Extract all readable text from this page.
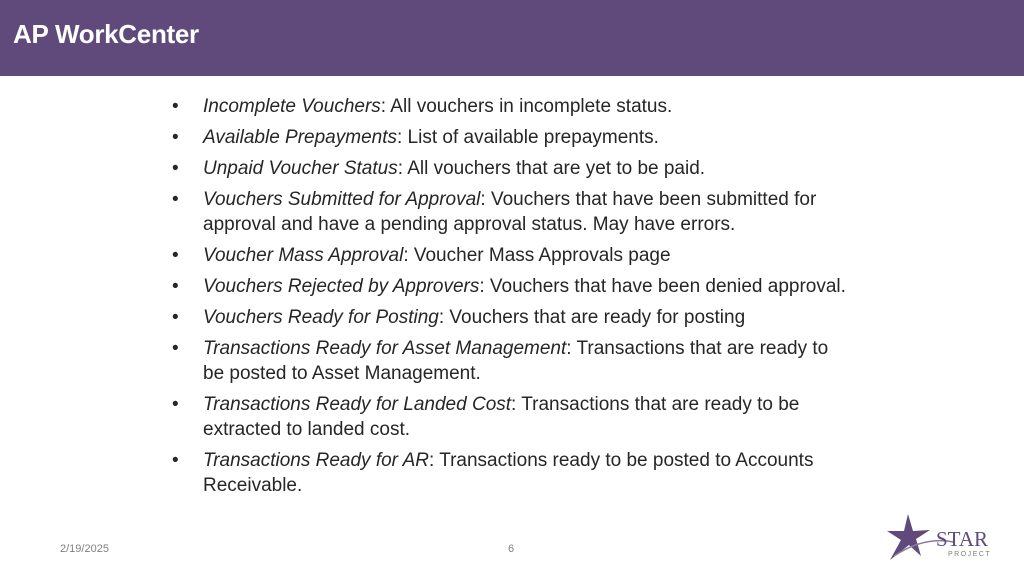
AP WorkCenter
• Incomplete Vouchers: All vouchers in incomplete status.
• Available Prepayments: List of available prepayments.
• Unpaid Voucher Status: All vouchers that are yet to be paid.
• Vouchers Submitted for Approval: Vouchers that have been submitted for approval and have a pending approval status. May have errors.
• Voucher Mass Approval: Voucher Mass Approvals page
• Vouchers Rejected by Approvers: Vouchers that have been denied approval.
• Vouchers Ready for Posting: Vouchers that are ready for posting
• Transactions Ready for Asset Management: Transactions that are ready to be posted to Asset Management.
• Transactions Ready for Landed Cost: Transactions that are ready to be extracted to landed cost.
• Transactions Ready for AR: Transactions ready to be posted to Accounts Receivable.
2/19/2025	6	STAR
PROJECT
